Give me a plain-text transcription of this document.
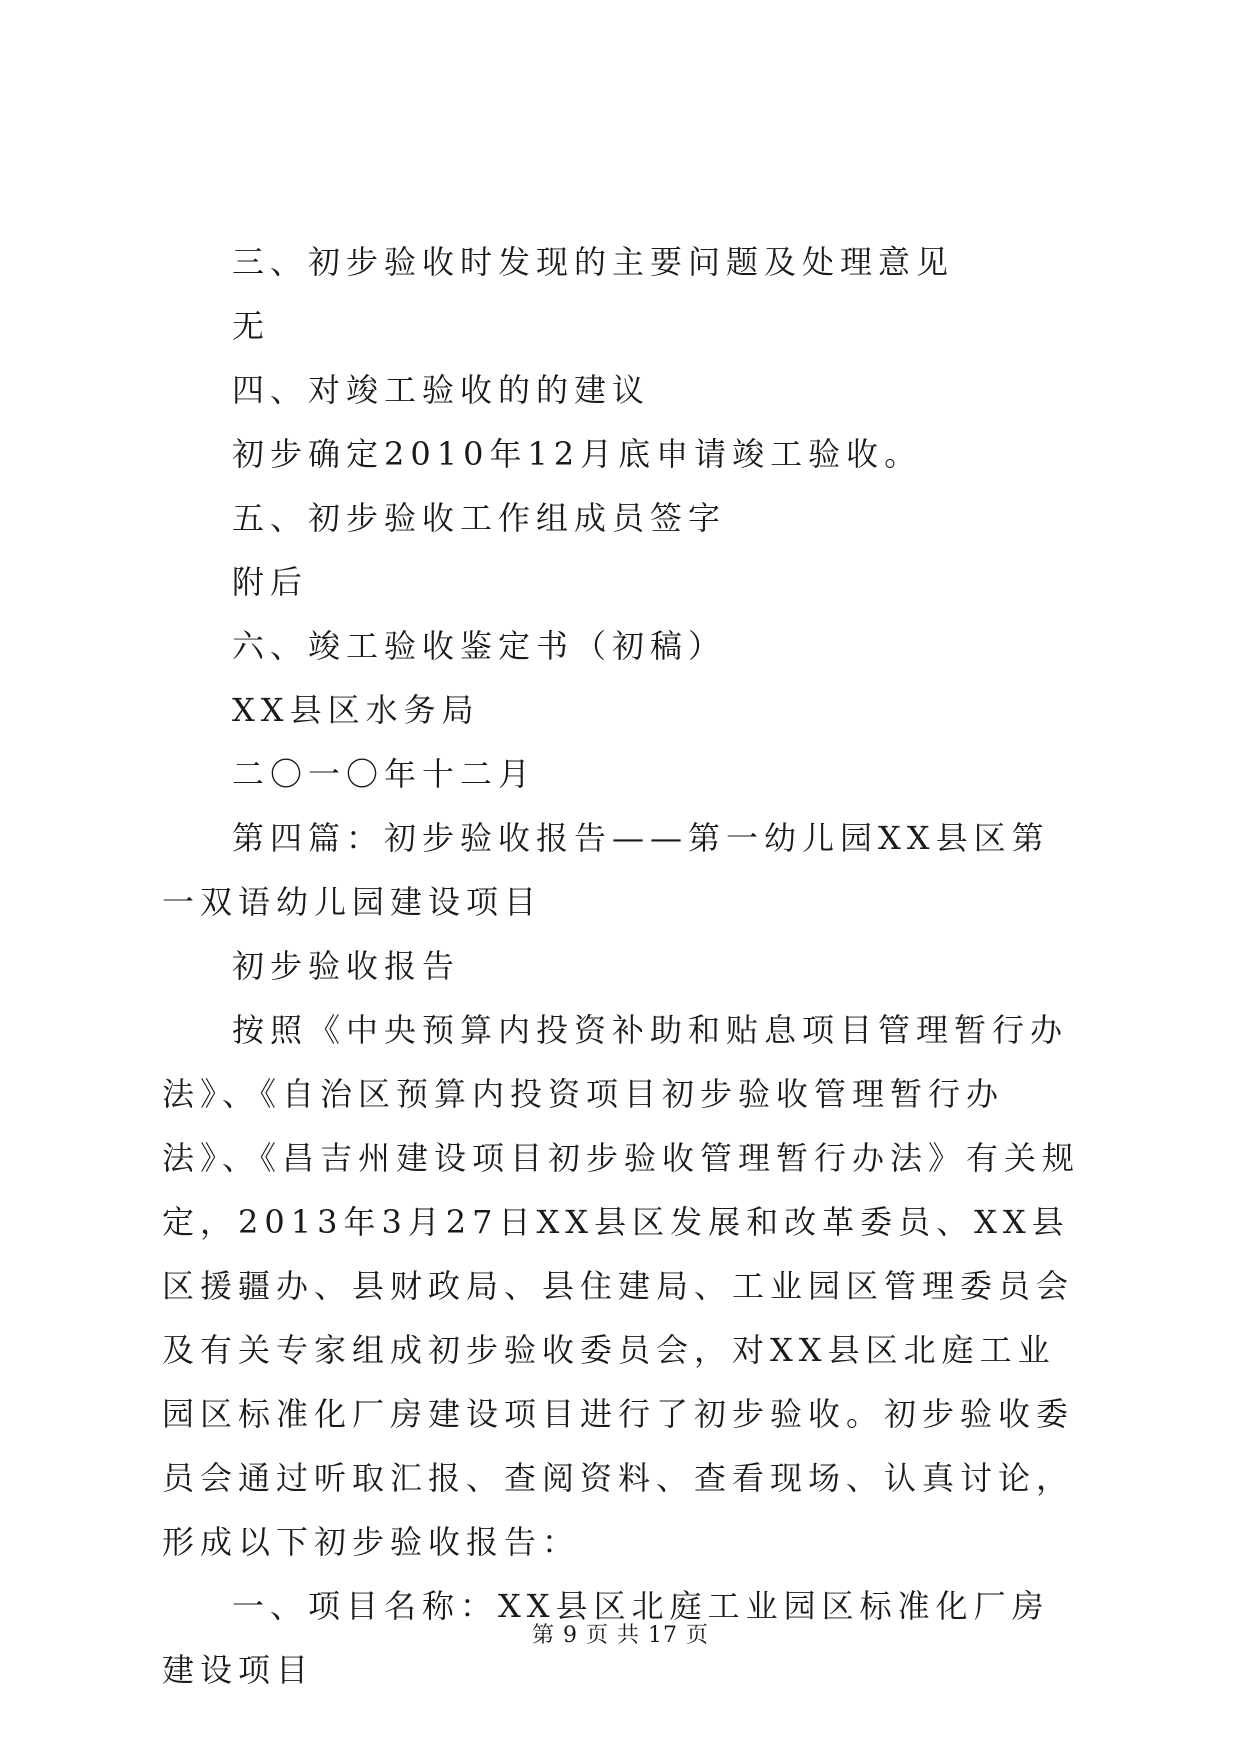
三、初步验收时发现的主要问题及处理意见

无

四、对竣工验收的的建议

初步确定2010年12月底申请竣工验收。

五、初步验收工作组成员签字

附后

六、竣工验收鉴定书（初稿）

XX县区水务局

二〇一〇年十二月

第四篇：初步验收报告——第一幼儿园XX县区第一双语幼儿园建设项目

初步验收报告

按照《中央预算内投资补助和贴息项目管理暂行办法》、《自治区预算内投资项目初步验收管理暂行办法》、《昌吉州建设项目初步验收管理暂行办法》有关规定，2013年3月27日XX县区发展和改革委员、XX县区援疆办、县财政局、县住建局、工业园区管理委员会及有关专家组成初步验收委员会，对XX县区北庭工业园区标准化厂房建设项目进行了初步验收。初步验收委员会通过听取汇报、查阅资料、查看现场、认真讨论，形成以下初步验收报告：

一、项目名称：XX县区北庭工业园区标准化厂房建设项目

第 9 页 共 17 页
